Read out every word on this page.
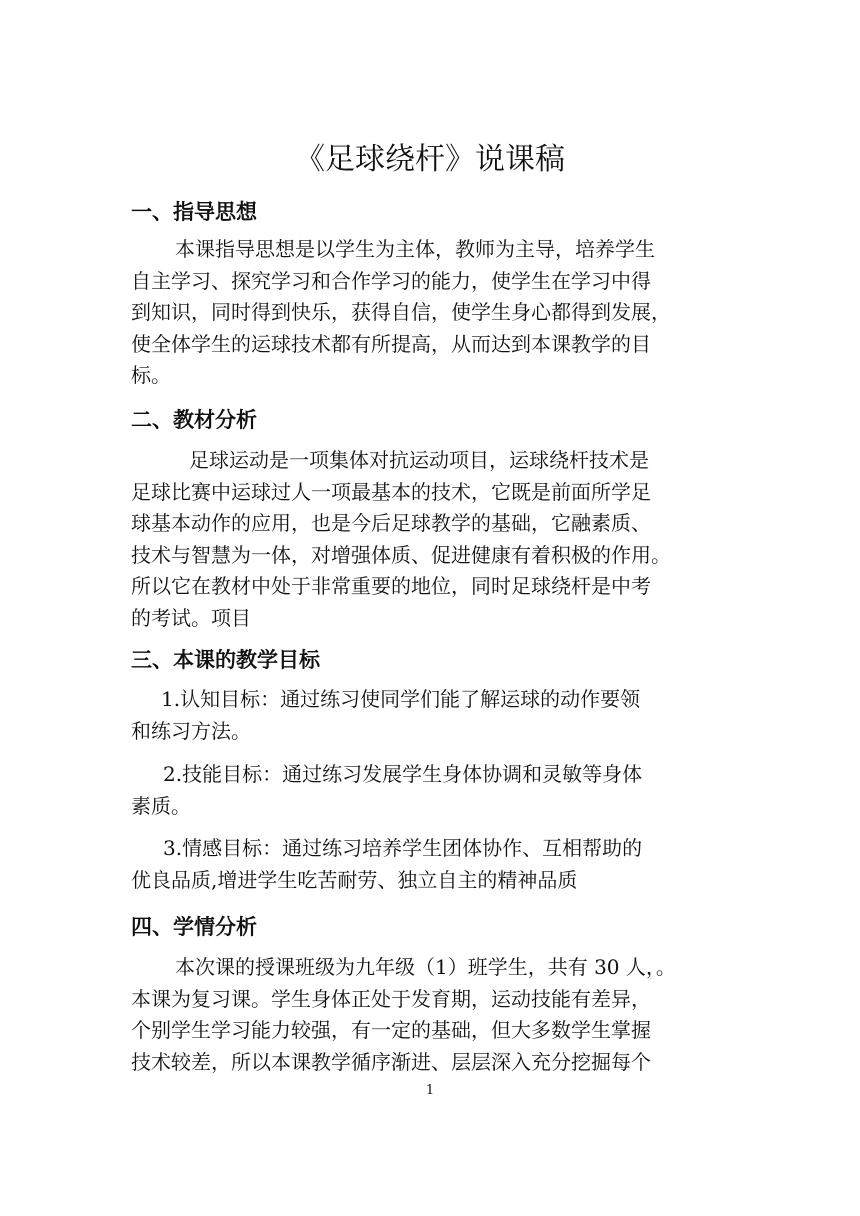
《足球绕杆》说课稿
一、指导思想
本课指导思想是以学生为主体，教师为主导，培养学生
自主学习、探究学习和合作学习的能力，使学生在学习中得
到知识，同时得到快乐，获得自信，使学生身心都得到发展，
使全体学生的运球技术都有所提高，从而达到本课教学的目
标。
二、教材分析
足球运动是一项集体对抗运动项目，运球绕杆技术是
足球比赛中运球过人一项最基本的技术，它既是前面所学足
球基本动作的应用，也是今后足球教学的基础，它融素质、
技术与智慧为一体，对增强体质、促进健康有着积极的作用。
所以它在教材中处于非常重要的地位，同时足球绕杆是中考
的考试。项目
三、本课的教学目标
1.认知目标：通过练习使同学们能了解运球的动作要领
和练习方法。
2.技能目标：通过练习发展学生身体协调和灵敏等身体
素质。
3.情感目标：通过练习培养学生团体协作、互相帮助的
优良品质,增进学生吃苦耐劳、独立自主的精神品质
四、学情分析
本次课的授课班级为九年级（1）班学生，共有 30 人，。
本课为复习课。学生身体正处于发育期，运动技能有差异，
个别学生学习能力较强，有一定的基础，但大多数学生掌握
技术较差，所以本课教学循序渐进、层层深入充分挖掘每个
1
